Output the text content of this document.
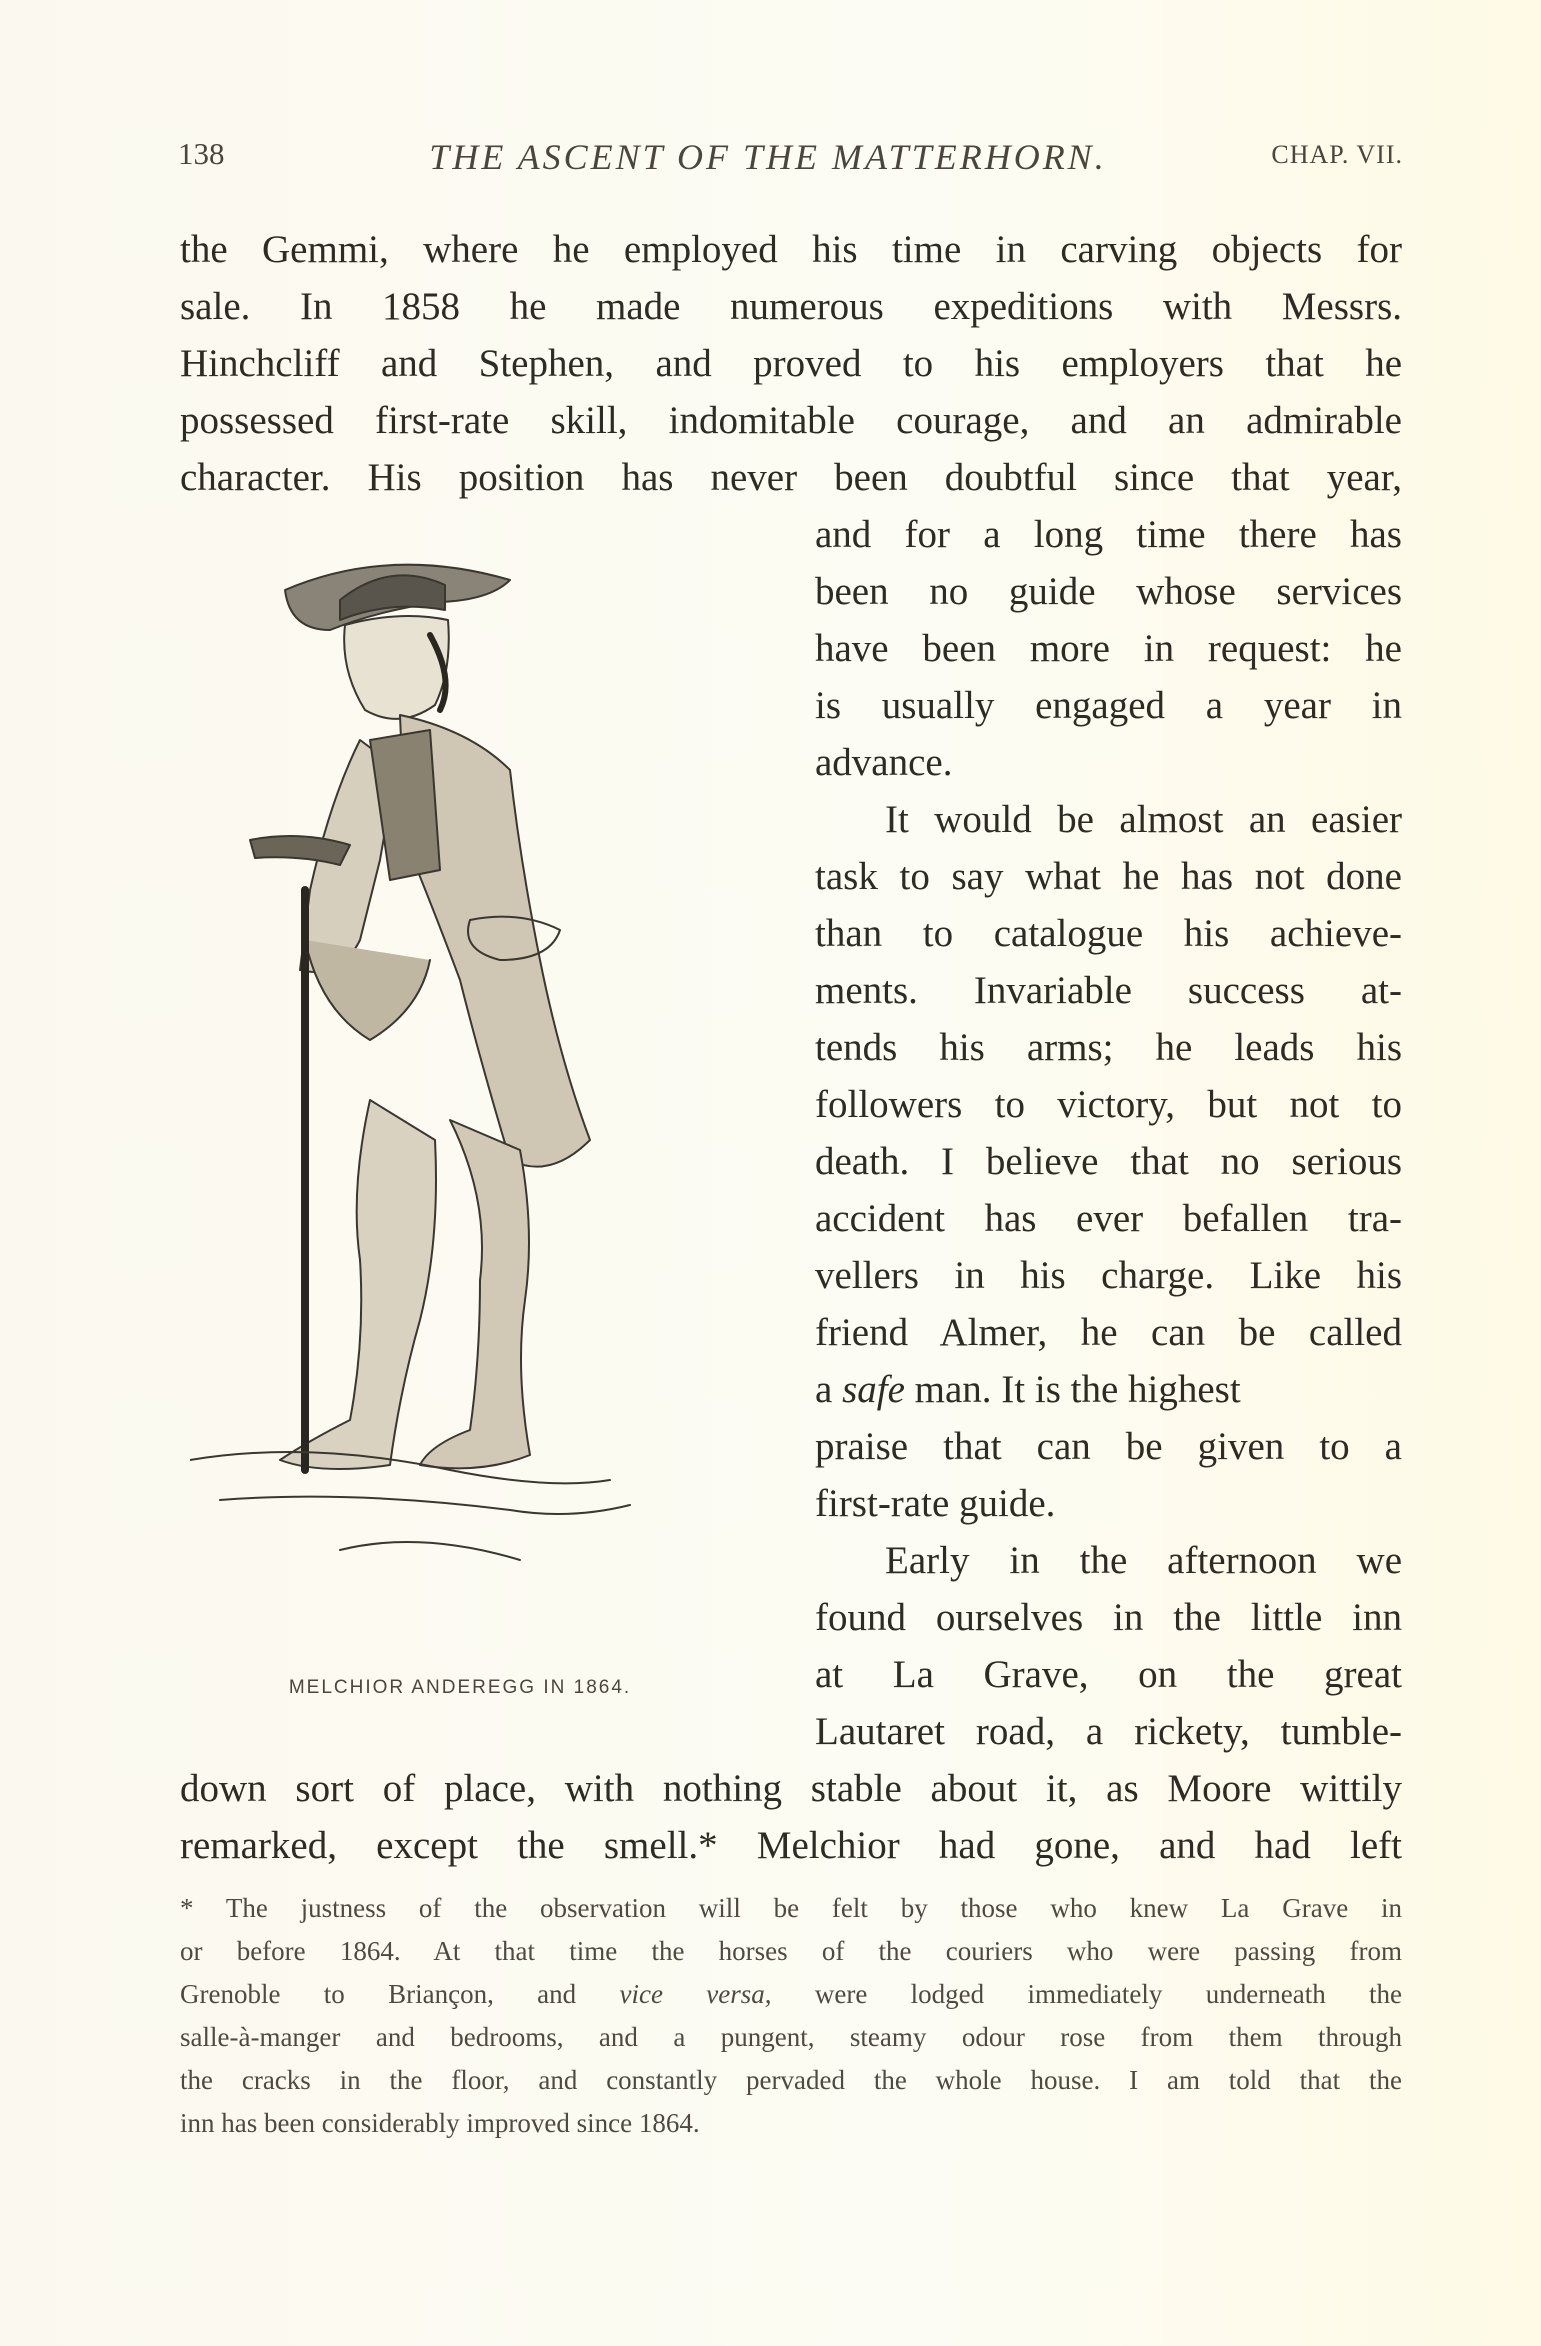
138	THE ASCENT OF THE MATTERHORN.	CHAP. VII.
the Gemmi, where he employed his time in carving objects for
sale. In 1858 he made numerous expeditions with Messrs.
Hinchcliff and Stephen, and proved to his employers that he
possessed first-rate skill, indomitable courage, and an admirable
character. His position has never been doubtful since that year,
and for a long time there has
been no guide whose services
have been more in request: he
is usually engaged a year in
advance.
It would be almost an easier
task to say what he has not done
than to catalogue his achieve-
ments. Invariable success at-
tends his arms; he leads his
followers to victory, but not to
death. I believe that no serious
accident has ever befallen tra-
vellers in his charge. Like his
friend Almer, he can be called
a safe man. It is the highest
praise that can be given to a
first-rate guide.
Early in the afternoon we
found ourselves in the little inn
at La Grave, on the great
Lautaret road, a rickety, tumble-
down sort of place, with nothing stable about it, as Moore wittily
remarked, except the smell.* Melchior had gone, and had left
MELCHIOR ANDEREGG IN 1864.
* The justness of the observation will be felt by those who knew La Grave in
or before 1864. At that time the horses of the couriers who were passing from
Grenoble to Briançon, and vice versa, were lodged immediately underneath the
salle-à-manger and bedrooms, and a pungent, steamy odour rose from them through
the cracks in the floor, and constantly pervaded the whole house. I am told that the
inn has been considerably improved since 1864.
